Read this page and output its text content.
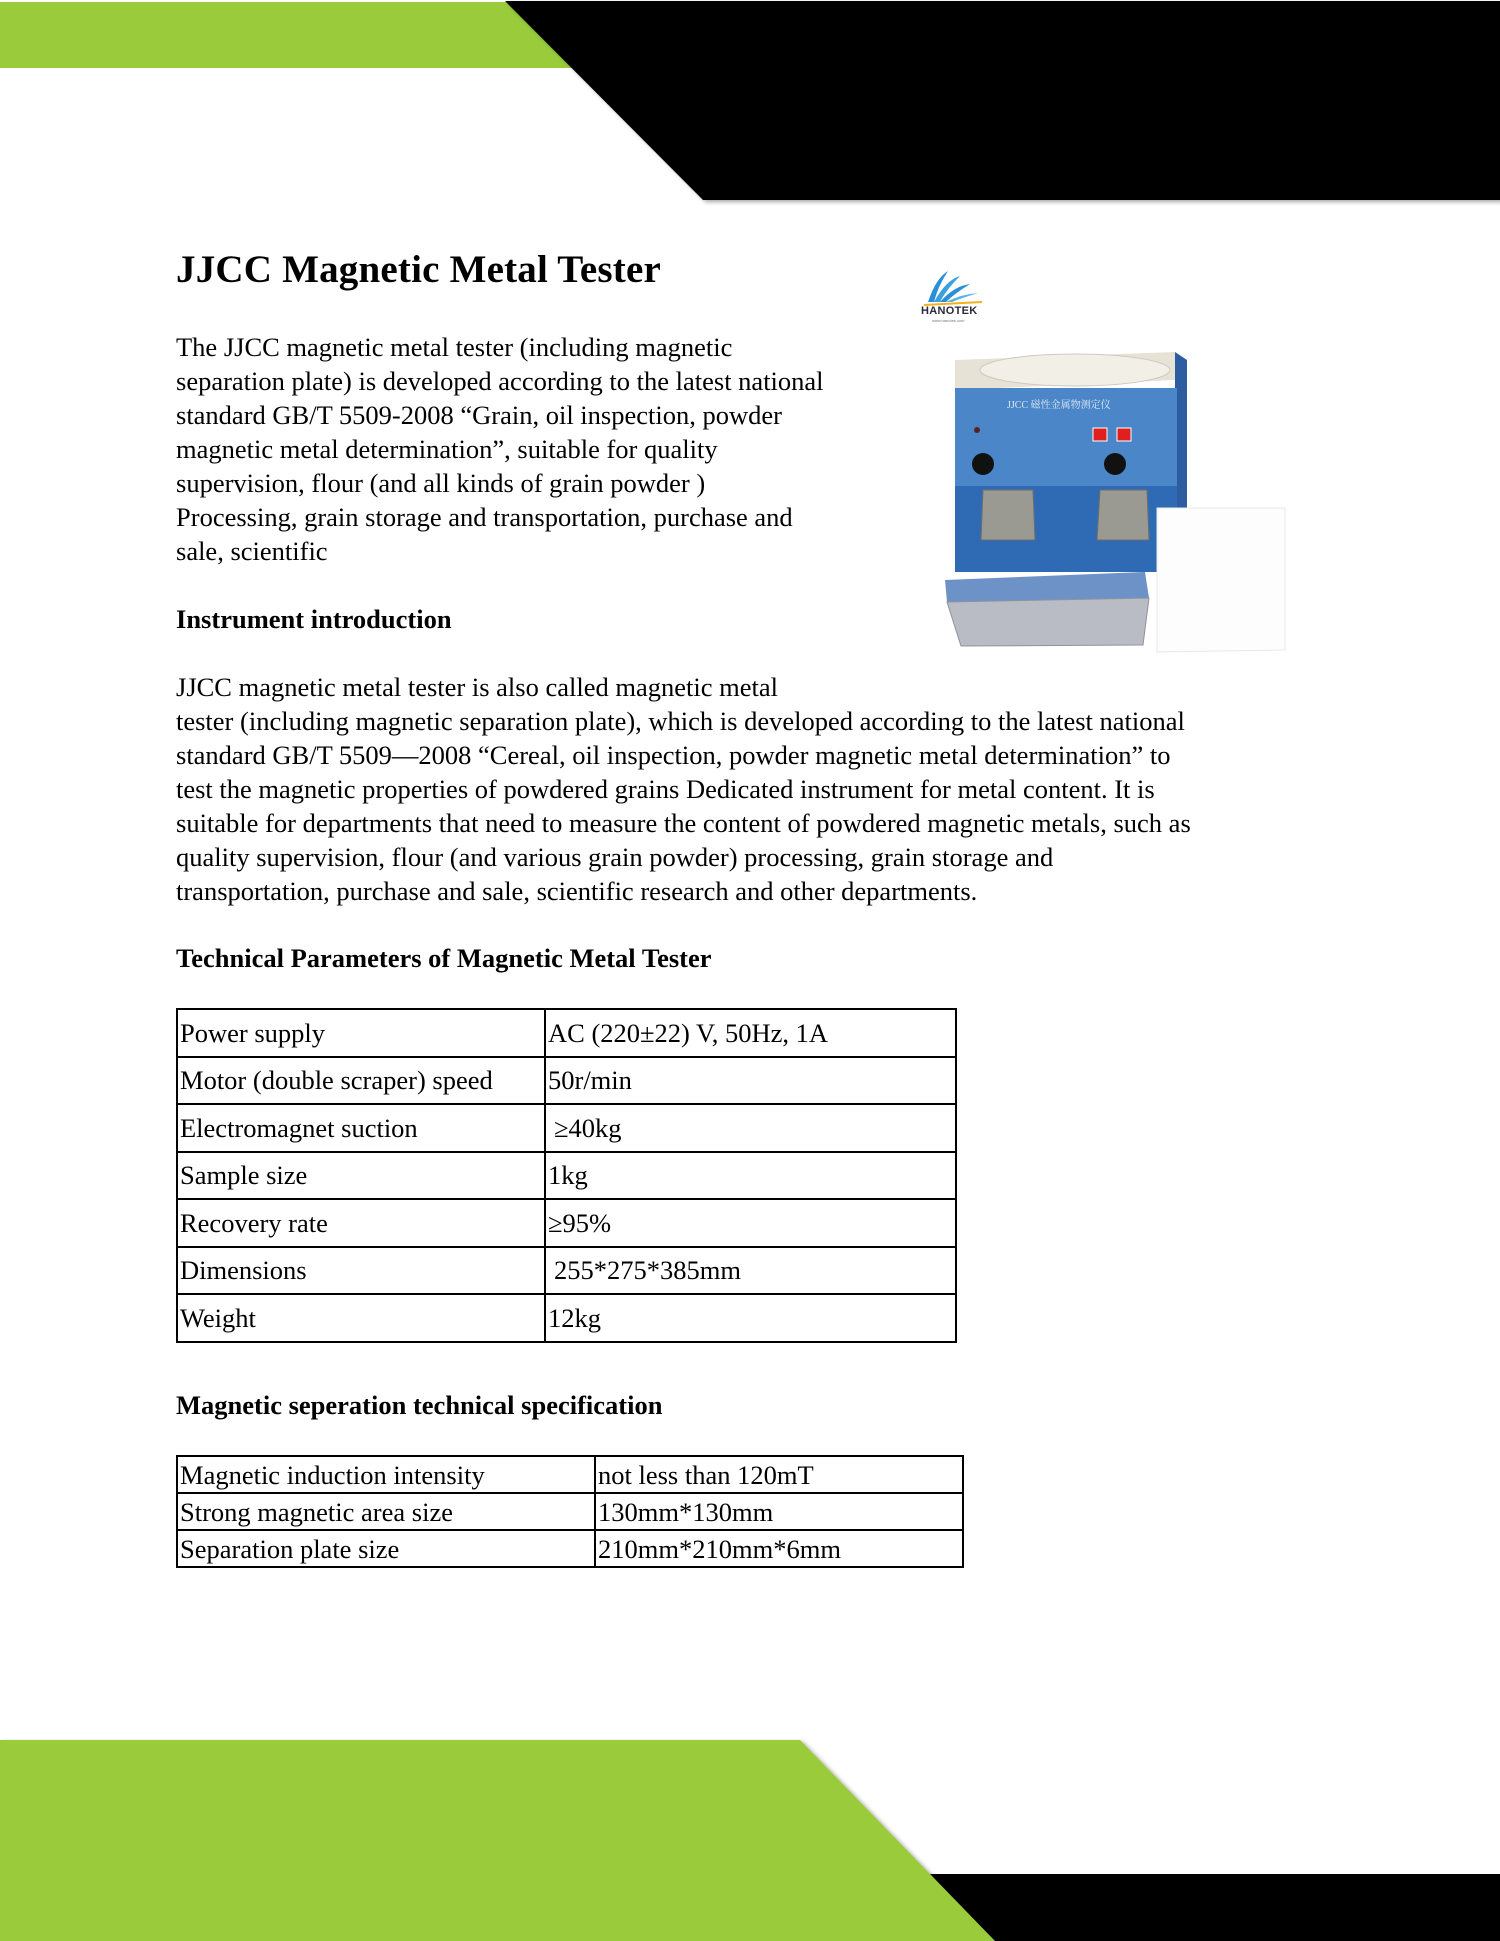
JJCC Magnetic Metal Tester
HANOTEK
www.hanotek.com
JJCC 磁性金属物测定仪
The JJCC magnetic metal tester (including magnetic
separation plate) is developed according to the latest national
standard GB/T 5509-2008 “Grain, oil inspection, powder
magnetic metal determination”, suitable for quality
supervision, flour (and all kinds of grain powder )
Processing, grain storage and transportation, purchase and
sale, scientific
Instrument introduction
JJCC magnetic metal tester is also called magnetic metal
tester (including magnetic separation plate), which is developed according to the latest national
standard GB/T 5509—2008 “Cereal, oil inspection, powder magnetic metal determination” to
test the magnetic properties of powdered grains Dedicated instrument for metal content. It is
suitable for departments that need to measure the content of powdered magnetic metals, such as
quality supervision, flour (and various grain powder) processing, grain storage and
transportation, purchase and sale, scientific research and other departments.
Technical Parameters of Magnetic Metal Tester
Power supply	AC (220±22) V, 50Hz, 1A
Motor (double scraper) speed	50r/min
Electromagnet suction	≥40kg
Sample size	1kg
Recovery rate	≥95%
Dimensions	255*275*385mm
Weight	12kg
Magnetic seperation technical specification
Magnetic induction intensity	not less than 120mT
Strong magnetic area size	130mm*130mm
Separation plate size	210mm*210mm*6mm
